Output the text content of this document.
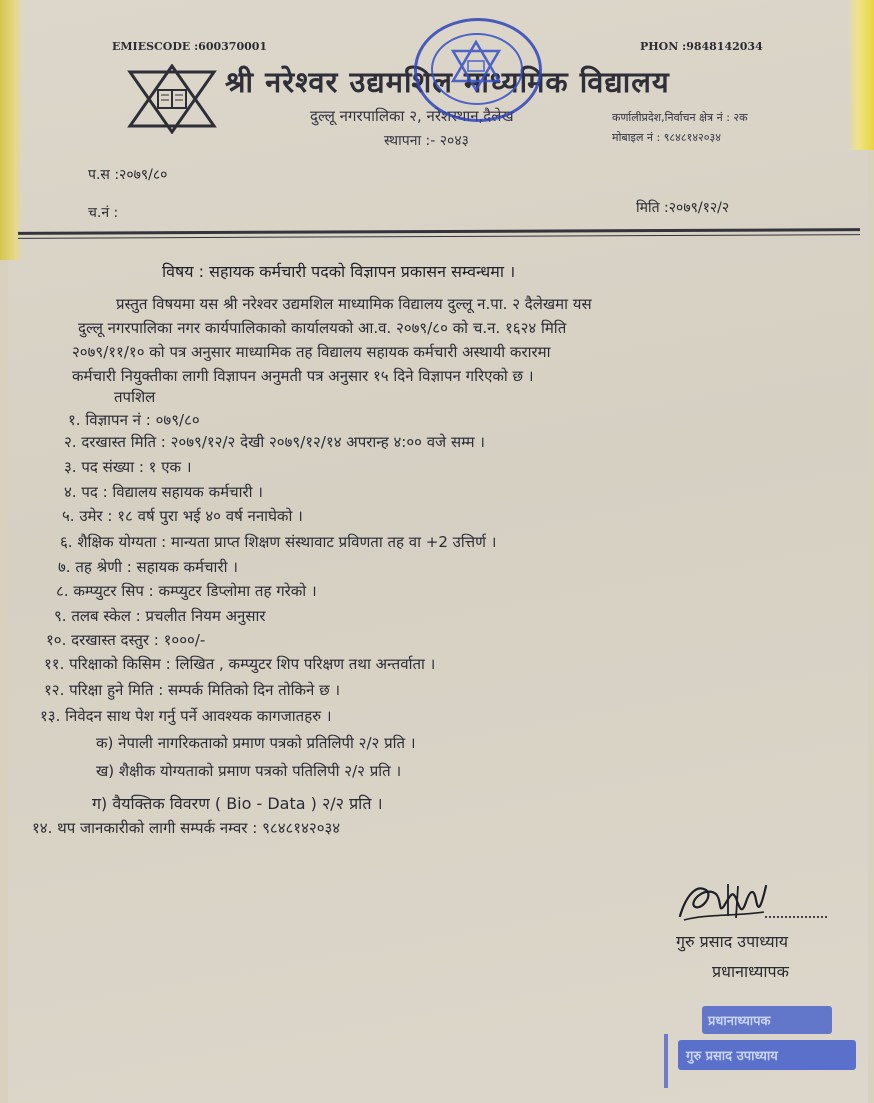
EMIESCODE :600370001	PHON :9848142034
श्री नरेश्वर उद्यमशिल माध्यमिक विद्यालय
दुल्लू नगरपालिका २, नरेशस्थान,दैलेख
स्थापना :- २०४३
कर्णालीप्रदेश,निर्वाचन क्षेत्र नं : २क
मोबाइल नं : ९८४८१४२०३४
प.स :२०७९/८०
च.नं :	मिति :२०७९/१२/२
विषय : सहायक कर्मचारी पदको विज्ञापन प्रकासन सम्वन्धमा ।
प्रस्तुत विषयमा यस श्री नरेश्वर उद्यमशिल माध्यामिक विद्यालय दुल्लू न.पा. २ दैलेखमा यस
दुल्लू नगरपालिका नगर कार्यपालिकाको कार्यालयको आ.व. २०७९/८० को च.न. १६२४ मिति
२०७९/११/१० को पत्र अनुसार माध्यामिक तह विद्यालय सहायक कर्मचारी अस्थायी करारमा
कर्मचारी नियुक्तीका लागी विज्ञापन अनुमती पत्र अनुसार १५ दिने विज्ञापन गरिएको छ ।
तपशिल
१. विज्ञापन नं : ०७९/८०
२. दरखास्त मिति : २०७९/१२/२ देखी २०७९/१२/१४ अपरान्ह ४:०० वजे सम्म ।
३. पद संख्या : १ एक ।
४. पद : विद्यालय सहायक कर्मचारी ।
५. उमेर : १८ वर्ष पुरा भई ४० वर्ष ननाघेको ।
६. शैक्षिक योग्यता : मान्यता प्राप्त शिक्षण संस्थावाट प्रविणता तह वा +2 उत्तिर्ण ।
७. तह श्रेणी : सहायक कर्मचारी ।
८. कम्प्युटर सिप : कम्प्युटर डिप्लोमा तह गरेको ।
९. तलब स्केल : प्रचलीत नियम अनुसार
१०. दरखास्त दस्तुर : १०००/-
११. परिक्षाको किसिम : लिखित , कम्प्युटर शिप परिक्षण तथा अन्तर्वाता ।
१२. परिक्षा हुने मिति : सम्पर्क मितिको दिन तोकिने छ ।
१३. निवेदन साथ पेश गर्नु पर्ने आवश्यक कागजातहरु ।
क) नेपाली नागरिकताको प्रमाण पत्रको प्रतिलिपी २/२ प्रति ।
ख) शैक्षीक योग्यताको प्रमाण पत्रको पतिलिपी २/२ प्रति ।
ग) वैयक्तिक विवरण ( Bio - Data ) २/२ प्रति ।
१४. थप जानकारीको लागी सम्पर्क नम्वर : ९८४८१४२०३४
गुरु प्रसाद उपाध्याय
प्रधानाध्यापक
प्रधानाध्यापक
गुरु प्रसाद उपाध्याय
